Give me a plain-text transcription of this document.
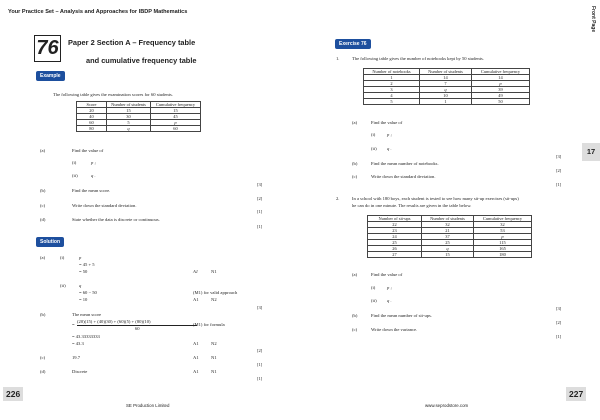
Your Practice Set – Analysis and Approaches for IBDP Mathematics	Front Page
76	Paper 2 Section A – Frequency table
and cumulative frequency table
Example
The following table gives the examination scores for 60 students.
Score	Number of students	Cumulative frequency
20	15	15
40	30	45
60	5	p
80	q	60
(a)	Find the value of
(i)	p ;
(ii)	q .
[3]
(b)	Find the mean score.
[2]
(c)	Write down the standard deviation.
[1]
(d)	State whether the data is discrete or continuous.
[1]
Solution
(a)	(i)	p
= 45 + 5
= 50	A1	N1
(ii)	q
= 60 − 50	(M1) for valid approach
= 10	A1	N2
[3]
(b)	The mean score
=
(20)(15) + (40)(30) + (60)(5) + (80)(10)
60
(M1) for formula
= 43.33333333
= 43.3	A1	N2
[2]
(c)	19.7	A1	N1
[1]
(d)	Discrete	A1	N1
[1]
Exercise 76
1.	The following table gives the number of notebooks kept by 50 students.
Number of notebooks	Number of students	Cumulative frequency
1	14	14
2	7	p
3	q	39
4	10	49
5	1	50
(a)	Find the value of
(i)	p ;
(ii) q .
[3]
(b)	Find the mean number of notebooks.
[2]
(c)	Write down the standard deviation.
[1]
2.	In a school with 180 boys, each student is tested to see how many sit-up exercises (sit-ups)
he can do in one minute. The results are given in the table below.
Number of sit-ups	Number of students	Cumulative frequency
22	32	32
23	21	53
24	37	p
25	25	115
26	q	165
27	15	180
(a)	Find the value of
(i)	p ;
(ii) q .
[3]
(b)	Find the mean number of sit-ups.
[2]
(c)	Write down the variance.
[1]
17
226
SE Production Limited	www.seprodstore.com
227
